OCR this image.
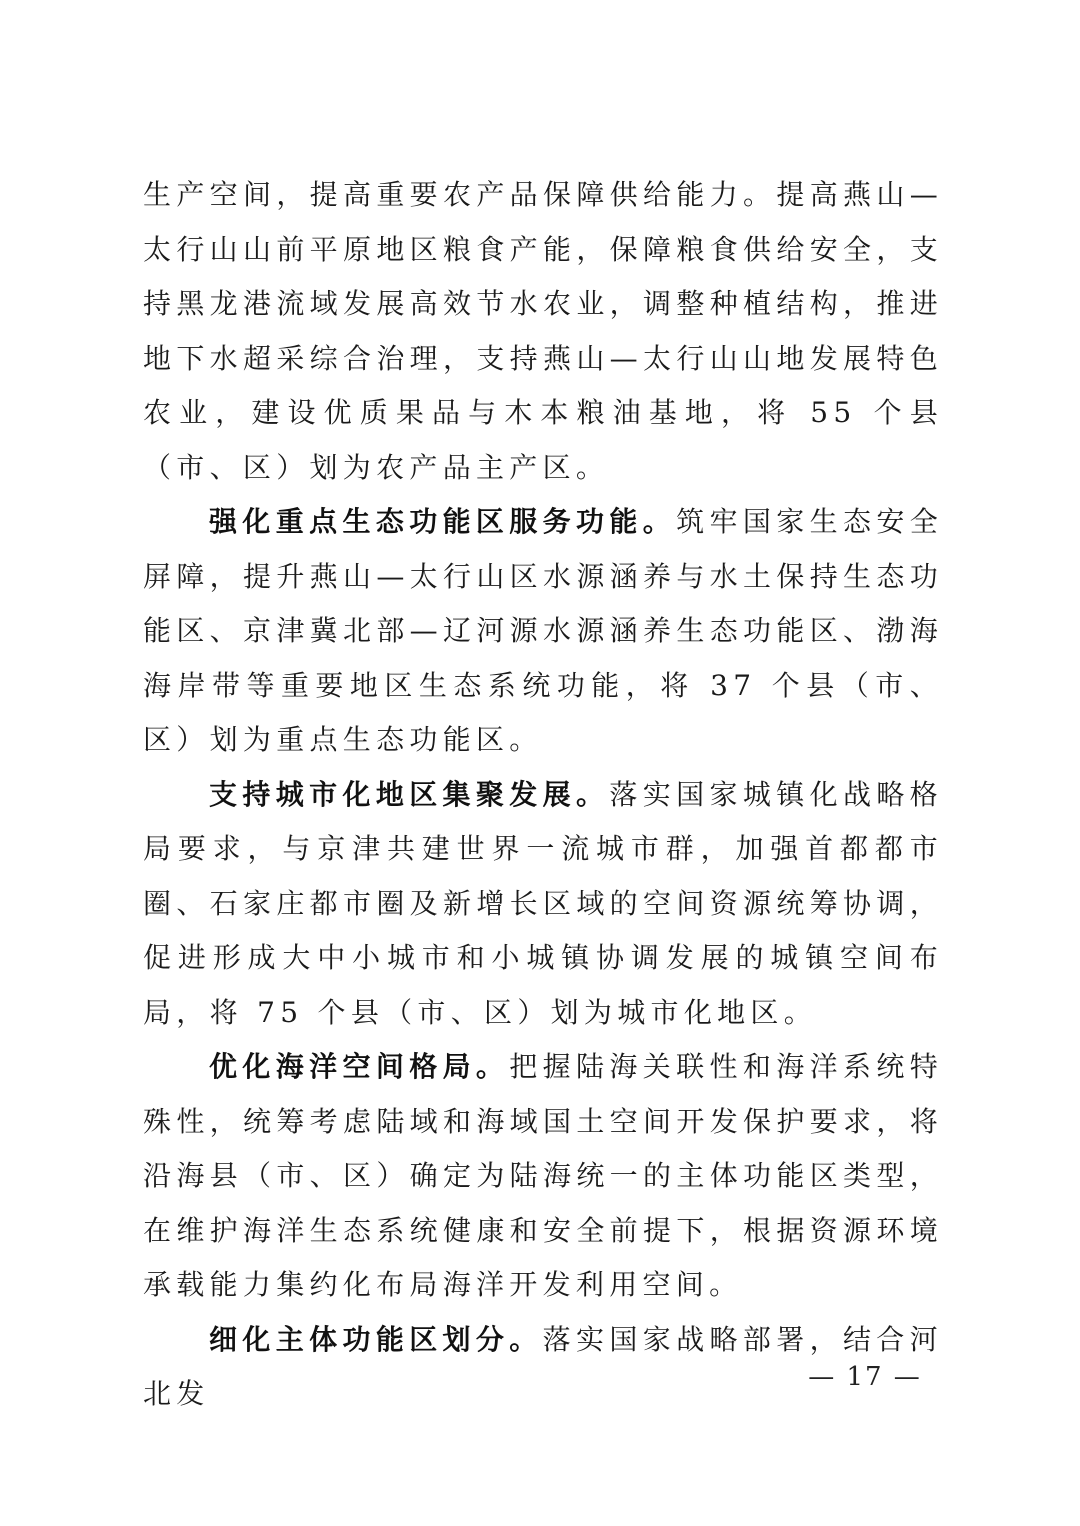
生产空间，提高重要农产品保障供给能力。提高燕山—太行山山前平原地区粮食产能，保障粮食供给安全，支持黑龙港流域发展高效节水农业，调整种植结构，推进地下水超采综合治理，支持燕山—太行山山地发展特色农业，建设优质果品与木本粮油基地，将 55 个县（市、区）划为农产品主产区。

强化重点生态功能区服务功能。筑牢国家生态安全屏障，提升燕山—太行山区水源涵养与水土保持生态功能区、京津冀北部—辽河源水源涵养生态功能区、渤海海岸带等重要地区生态系统功能，将 37 个县（市、区）划为重点生态功能区。

支持城市化地区集聚发展。落实国家城镇化战略格局要求，与京津共建世界一流城市群，加强首都都市圈、石家庄都市圈及新增长区域的空间资源统筹协调，促进形成大中小城市和小城镇协调发展的城镇空间布局，将 75 个县（市、区）划为城市化地区。

优化海洋空间格局。把握陆海关联性和海洋系统特殊性，统筹考虑陆域和海域国土空间开发保护要求，将沿海县（市、区）确定为陆海统一的主体功能区类型，在维护海洋生态系统健康和安全前提下，根据资源环境承载能力集约化布局海洋开发利用空间。

细化主体功能区划分。落实国家战略部署，结合河北发	— 17 —
